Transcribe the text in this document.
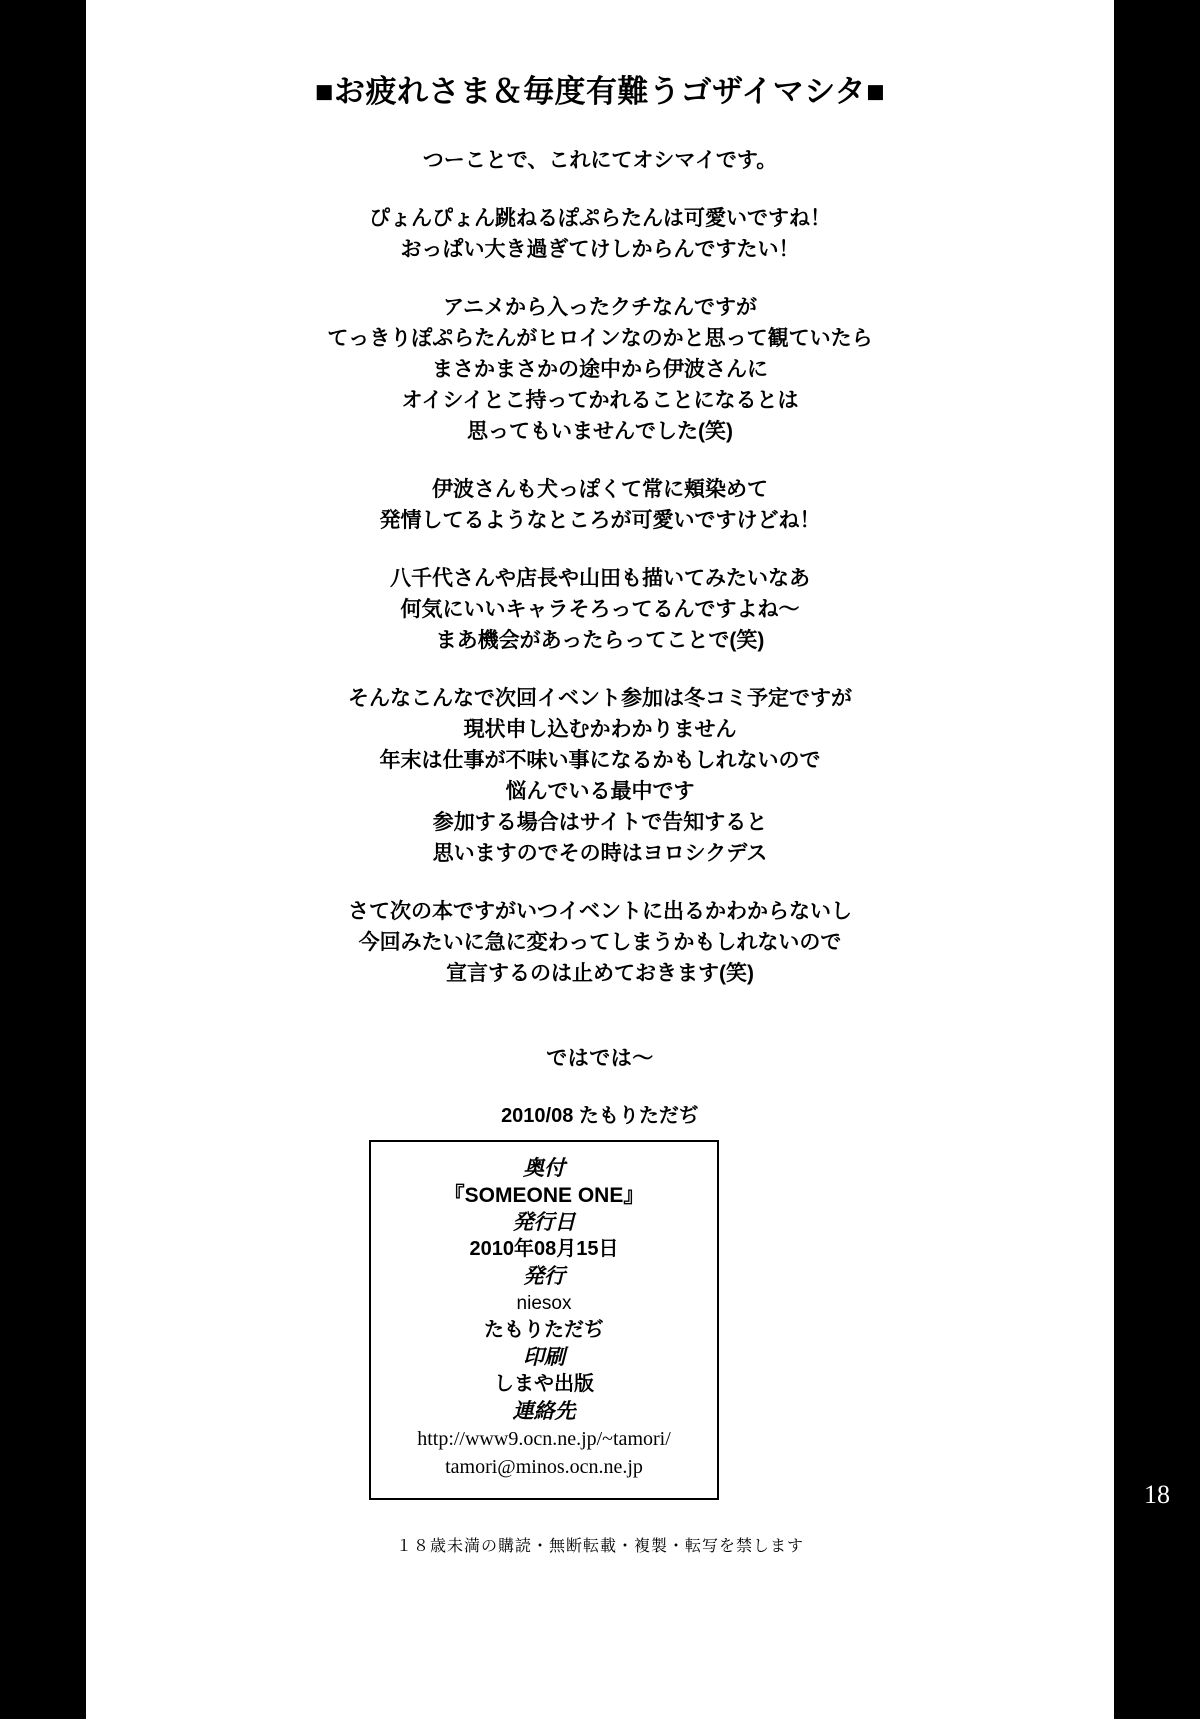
■お疲れさま＆毎度有難うゴザイマシタ■

つーことで、これにてオシマイです。

ぴょんぴょん跳ねるぽぷらたんは可愛いですね！

おっぱい大き過ぎてけしからんですたい！

アニメから入ったクチなんですが

てっきりぽぷらたんがヒロインなのかと思って観ていたら

まさかまさかの途中から伊波さんに

オイシイとこ持ってかれることになるとは

思ってもいませんでした(笑)

伊波さんも犬っぽくて常に頬染めて

発情してるようなところが可愛いですけどね！

八千代さんや店長や山田も描いてみたいなあ

何気にいいキャラそろってるんですよね〜

まあ機会があったらってことで(笑)

そんなこんなで次回イベント参加は冬コミ予定ですが

現状申し込むかわかりません

年末は仕事が不味い事になるかもしれないので

悩んでいる最中です

参加する場合はサイトで告知すると

思いますのでその時はヨロシクデス

さて次の本ですがいつイベントに出るかわからないし

今回みたいに急に変わってしまうかもしれないので

宣言するのは止めておきます(笑)

ではでは〜

2010/08 たもりただぢ

奥付
『SOMEONE ONE』
発行日
2010年08月15日
発行
niesox
たもりただぢ
印刷
しまや出版
連絡先
http://www9.ocn.ne.jp/~tamori/
tamori@minos.ocn.ne.jp
１８歳未満の購読・無断転載・複製・転写を禁します
18
